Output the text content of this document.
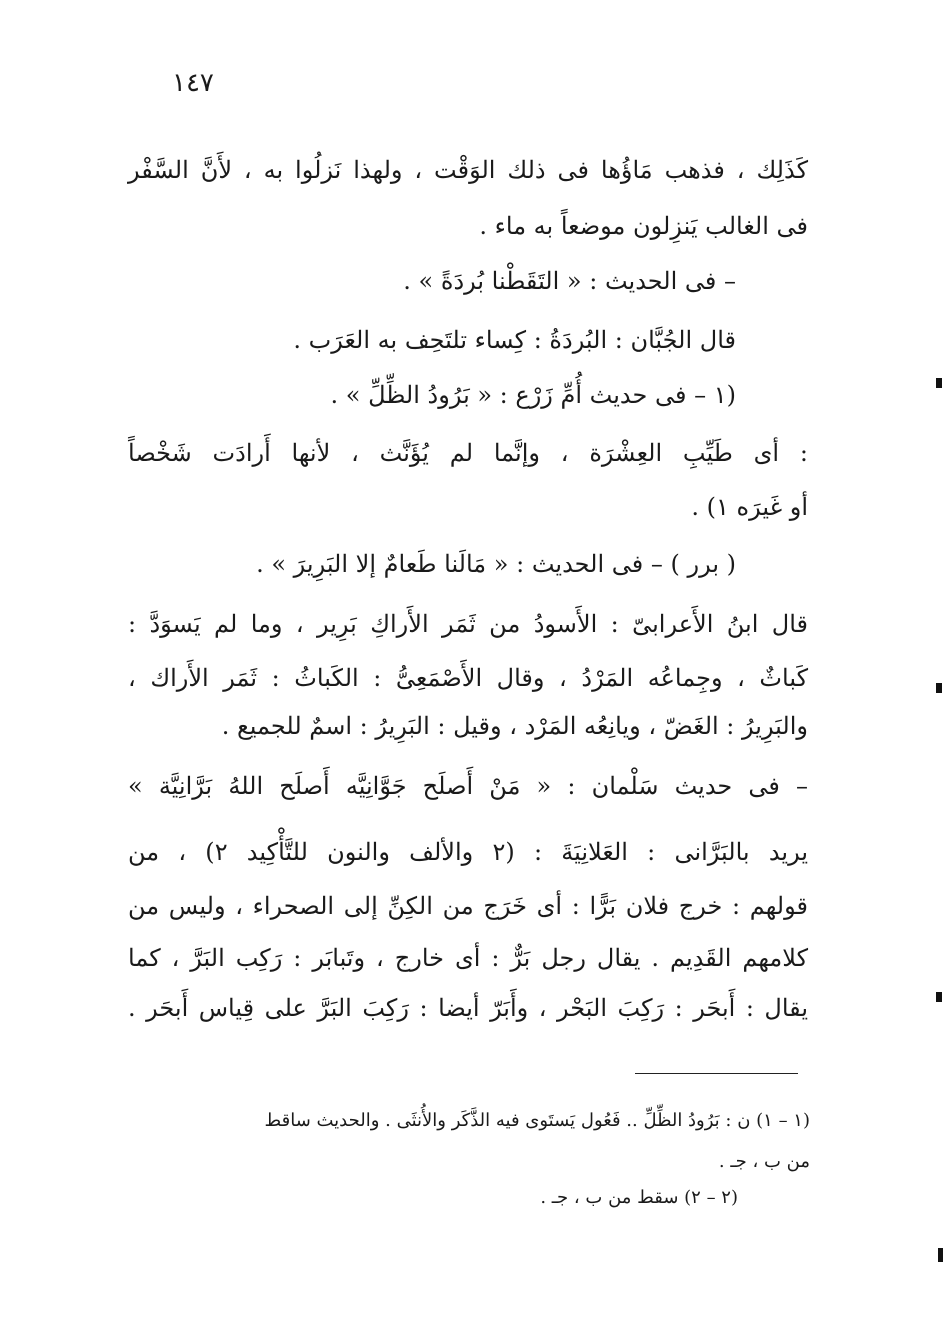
١٤٧
كَذَلِك ، فذهب مَاؤُها فى ذلك الوَقْت ، ولهذا نَزلُوا به ، لأَنَّ السَّفْر
فى الغالب يَنزِلون موضعاً به ماء .
– فى الحديث : « التَقَطْنا بُردَةً » .
قال الجُبَّان : البُردَةُ : كِساء تلتَحِف به العَرَب .
(١ – فى حديث أُمِّ زَرْع : « بَرُودُ الظِّلِّ » .
: أى طَيِّبِ العِشْرَة ، وإنَّما لم يُؤَنَّث ، لأنها أَرادَت شَخْصاً
أو غَيرَه ١) .
( برر ) – فى الحديث : « مَالَنا طَعامٌ إلا البَرِيرَ » .
قال ابنُ الأَعرابىّ : الأَسودُ من ثَمَر الأَراكِ بَرِير ، وما لم يَسوَدَّ :
كَباثٌ ، وجِماعُه المَرْدُ ، وقال الأَصْمَعِىُّ : الكَباثُ : ثَمَر الأَراك ،
والبَرِيرُ : الغَضّ ، ويانِعُه المَرْد ، وقيل : البَرِيرُ : اسمٌ للجميع .
– فى حديث سَلْمان : « مَنْ أَصلَح جَوَّانِيَّه أَصلَح اللهُ بَرَّانِيَّة »
يريد بالبَرَّانى : العَلانِيَةَ : (٢ والألف والنون للتَّأْكِيد ٢) ، من
قولهم : خرج فلان بَرًّا : أى خَرَج من الكِنِّ إلى الصحراء ، وليس من
كلامهم القَدِيم . يقال رجل بَرٌّ : أى خارج ، وتَبابَر : رَكِب البَرَّ ، كما
يقال : أَبحَر : رَكِبَ البَحْر ، وأَبَرّ أيضا : رَكِبَ البَرَّ على قِياس أَبحَر .
(١ – ١) ن : بَرُودُ الظِّلِّ .. فَعُول يَستَوى فيه الذَّكَر والأُنثَى . والحديث ساقط
من ب ، جـ .
(٢ – ٢) سقط من ب ، جـ .
